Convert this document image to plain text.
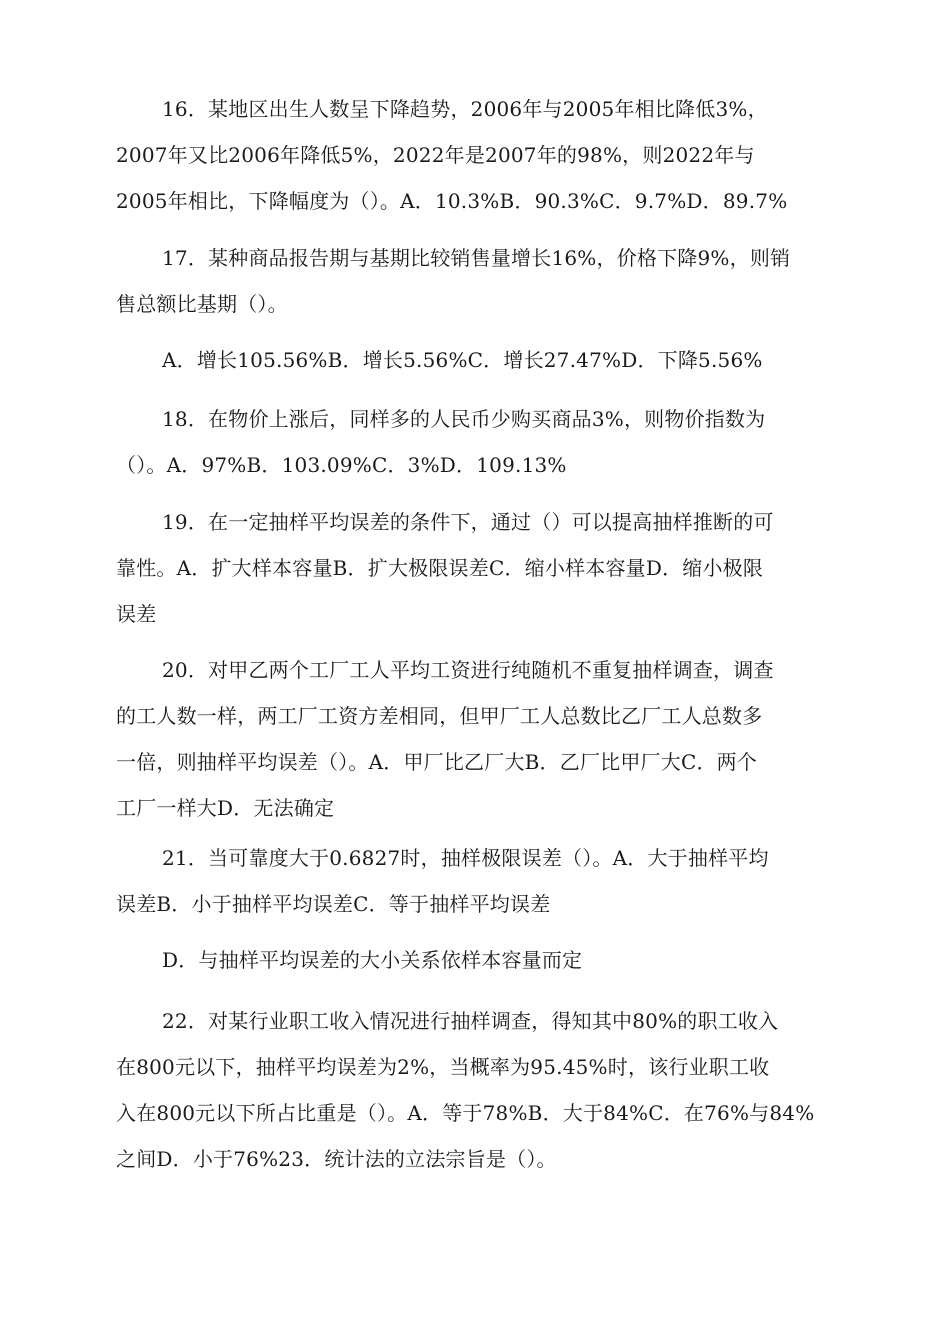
16．某地区出生人数呈下降趋势，2006年与2005年相比降低3%，
2007年又比2006年降低5%，2022年是2007年的98%，则2022年与
2005年相比，下降幅度为（）。A．10.3%B．90.3%C．9.7%D．89.7%
17．某种商品报告期与基期比较销售量增长16%，价格下降9%，则销
售总额比基期（）。
A．增长105.56%B．增长5.56%C．增长27.47%D．下降5.56%
18．在物价上涨后，同样多的人民币少购买商品3%，则物价指数为
（）。A．97%B．103.09%C．3%D．109.13%
19．在一定抽样平均误差的条件下，通过（）可以提高抽样推断的可
靠性。A．扩大样本容量B．扩大极限误差C．缩小样本容量D．缩小极限
误差
20．对甲乙两个工厂工人平均工资进行纯随机不重复抽样调查，调查
的工人数一样，两工厂工资方差相同，但甲厂工人总数比乙厂工人总数多
一倍，则抽样平均误差（）。A．甲厂比乙厂大B．乙厂比甲厂大C．两个
工厂一样大D．无法确定
21．当可靠度大于0.6827时，抽样极限误差（）。A．大于抽样平均
误差B．小于抽样平均误差C．等于抽样平均误差
D．与抽样平均误差的大小关系依样本容量而定
22．对某行业职工收入情况进行抽样调查，得知其中80%的职工收入
在800元以下，抽样平均误差为2%，当概率为95.45%时，该行业职工收
入在800元以下所占比重是（）。A．等于78%B．大于84%C．在76%与84%
之间D．小于76%23．统计法的立法宗旨是（）。
